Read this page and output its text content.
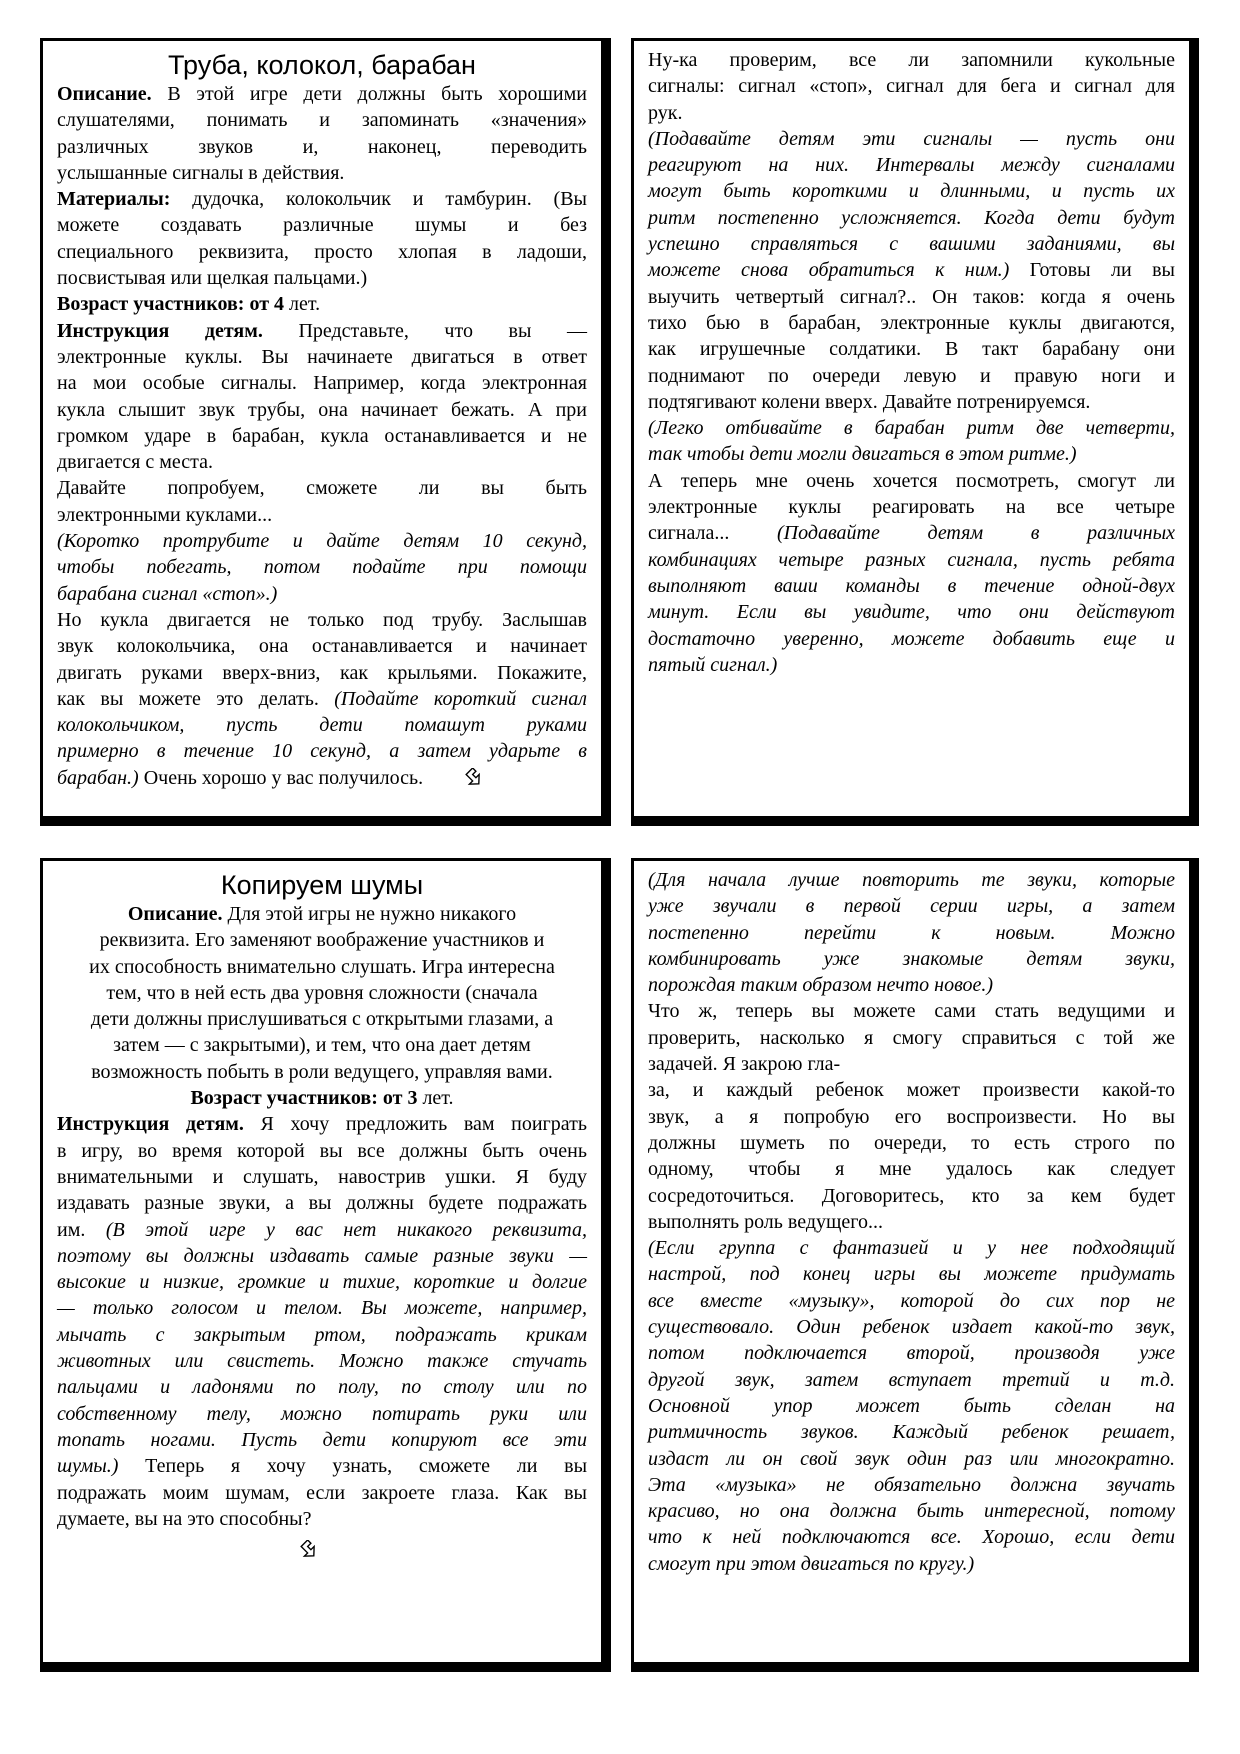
Труба, колокол, барабан

Описание. В этой игре дети должны быть хорошими

слушателями, понимать и запоминать «значения»

различных звуков и, наконец, переводить

услышанные сигналы в действия.

Материалы: дудочка, колокольчик и тамбурин. (Вы

можете создавать различные шумы и без

специального реквизита, просто хлопая в ладоши,

посвистывая или щелкая пальцами.)

Возраст участников: от 4 лет.

Инструкция детям. Представьте, что вы —

электронные куклы. Вы начинаете двигаться в ответ

на мои особые сигналы. Например, когда электронная

кукла слышит звук трубы, она начинает бежать. А при

громком ударе в барабан, кукла останавливается и не

двигается с места.

Давайте попробуем, сможете ли вы быть

электронными куклами...

(Коротко протрубите и дайте детям 10 секунд,

чтобы побегать, потом подайте при помощи

барабана сигнал «стоп».)

Но кукла двигается не только под трубу. Заслышав

звук колокольчика, она останавливается и начинает

двигать руками вверх-вниз, как крыльями. Покажите,

как вы можете это делать. (Подайте короткий сигнал

колокольчиком, пусть дети помашут руками

примерно в течение 10 секунд, а затем ударьте в

барабан.) Очень хорошо у вас получилось.

Ну-ка проверим, все ли запомнили кукольные

сигналы: сигнал «стоп», сигнал для бега и сигнал для

рук.

(Подавайте детям эти сигналы — пусть они

реагируют на них. Интервалы между сигналами

могут быть короткими и длинными, и пусть их

ритм постепенно усложняется. Когда дети будут

успешно справляться с вашими заданиями, вы

можете снова обратиться к ним.) Готовы ли вы

выучить четвертый сигнал?.. Он таков: когда я очень

тихо бью в барабан, электронные куклы двигаются,

как игрушечные солдатики. В такт барабану они

поднимают по очереди левую и правую ноги и

подтягивают колени вверх. Давайте потренируемся.

(Легко отбивайте в барабан ритм две четверти,

так чтобы дети могли двигаться в этом ритме.)

А теперь мне очень хочется посмотреть, смогут ли

электронные куклы реагировать на все четыре

сигнала... (Подавайте детям в различных

комбинациях четыре разных сигнала, пусть ребята

выполняют ваши команды в течение одной-двух

минут. Если вы увидите, что они действуют

достаточно уверенно, можете добавить еще и

пятый сигнал.)

Копируем шумы

Описание. Для этой игры не нужно никакого

реквизита. Его заменяют воображение участников и

их способность внимательно слушать. Игра интересна

тем, что в ней есть два уровня сложности (сначала

дети должны прислушиваться с открытыми глазами, а

затем — с закрытыми), и тем, что она дает детям

возможность побыть в роли ведущего, управляя вами.

Возраст участников: от 3 лет.

Инструкция детям. Я хочу предложить вам поиграть

в игру, во время которой вы все должны быть очень

внимательными и слушать, навострив ушки. Я буду

издавать разные звуки, а вы должны будете подражать

им. (В этой игре у вас нет никакого реквизита,

поэтому вы должны издавать самые разные звуки —

высокие и низкие, громкие и тихие, короткие и долгие

— только голосом и телом. Вы можете, например,

мычать с закрытым ртом, подражать крикам

животных или свистеть. Можно также стучать

пальцами и ладонями по полу, по столу или по

собственному телу, можно потирать руки или

топать ногами. Пусть дети копируют все эти

шумы.) Теперь я хочу узнать, сможете ли вы

подражать моим шумам, если закроете глаза. Как вы

думаете, вы на это способны?

(Для начала лучше повторить те звуки, которые

уже звучали в первой серии игры, а затем

постепенно перейти к новым. Можно

комбинировать уже знакомые детям звуки,

порождая таким образом нечто новое.)

Что ж, теперь вы можете сами стать ведущими и

проверить, насколько я смогу справиться с той же

задачей. Я закрою гла-

за, и каждый ребенок может произвести какой-то

звук, а я попробую его воспроизвести. Но вы

должны шуметь по очереди, то есть строго по

одному, чтобы я мне удалось как следует

сосредоточиться. Договоритесь, кто за кем будет

выполнять роль ведущего...

(Если группа с фантазией и у нее подходящий

настрой, под конец игры вы можете придумать

все вместе «музыку», которой до сих пор не

существовало. Один ребенок издает какой-то звук,

потом подключается второй, производя уже

другой звук, затем вступает третий и т.д.

Основной упор может быть сделан на

ритмичность звуков. Каждый ребенок решает,

издаст ли он свой звук один раз или многократно.

Эта «музыка» не обязательно должна звучать

красиво, но она должна быть интересной, потому

что к ней подключаются все. Хорошо, если дети

смогут при этом двигаться по кругу.)
